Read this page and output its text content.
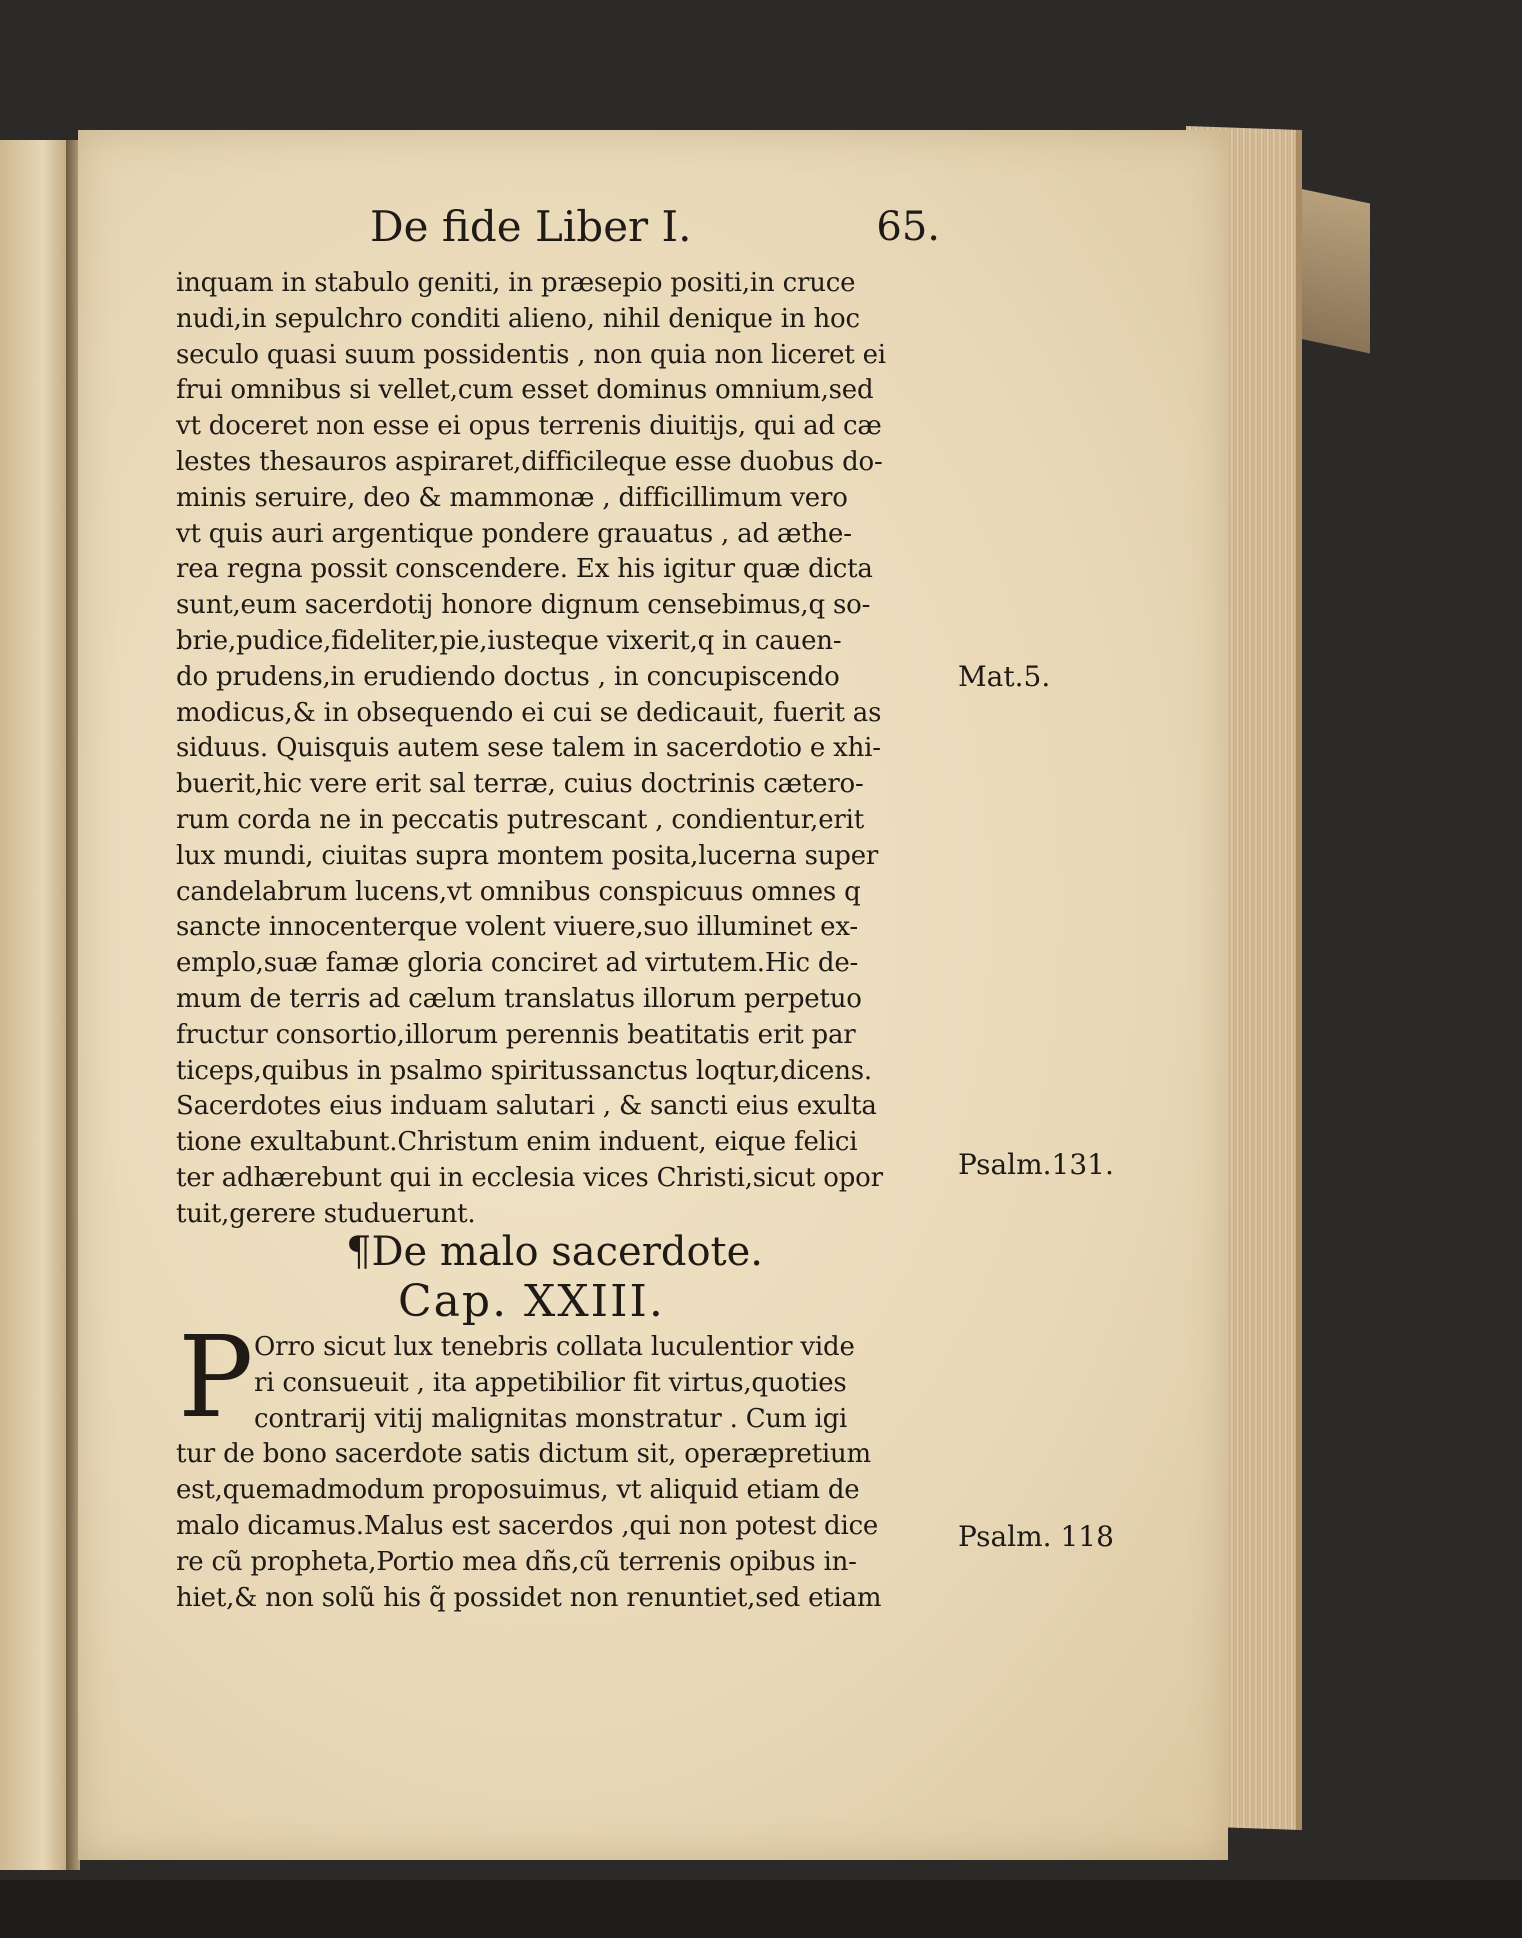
De fide Liber I.	65.
inquam in stabulo geniti, in præsepio positi,in cruce
nudi,in sepulchro conditi alieno, nihil denique in hoc
seculo quasi suum possidentis , non quia non liceret ei
frui omnibus si vellet,cum esset dominus omnium,sed
vt doceret non esse ei opus terrenis diuitijs, qui ad cæ
lestes thesauros aspiraret,difficileque esse duobus do-
minis seruire, deo & mammonæ , difficillimum vero
vt quis auri argentique pondere grauatus , ad æthe-
rea regna possit conscendere. Ex his igitur quæ dicta
sunt,eum sacerdotij honore dignum censebimus,q so-
brie,pudice,fideliter,pie,iusteque vixerit,q in cauen-
do prudens,in erudiendo doctus , in concupiscendo
modicus,& in obsequendo ei cui se dedicauit, fuerit as
siduus. Quisquis autem sese talem in sacerdotio e xhi-
buerit,hic vere erit sal terræ, cuius doctrinis cætero-
rum corda ne in peccatis putrescant , condientur,erit
lux mundi, ciuitas supra montem posita,lucerna super
candelabrum lucens,vt omnibus conspicuus omnes q
sancte innocenterque volent viuere,suo illuminet ex-
emplo,suæ famæ gloria conciret ad virtutem.Hic de-
mum de terris ad cælum translatus illorum perpetuo
fructur consortio,illorum perennis beatitatis erit par
ticeps,quibus in psalmo spiritussanctus loqtur,dicens.
Sacerdotes eius induam salutari , & sancti eius exulta
tione exultabunt.Christum enim induent, eique felici
ter adhærebunt qui in ecclesia vices Christi,sicut opor
tuit,gerere studuerunt.
¶De malo sacerdote.
Cap. XXIII.
P Orro sicut lux tenebris collata luculentior vide
ri consueuit , ita appetibilior fit virtus,quoties
contrarij vitij malignitas monstratur . Cum igi
tur de bono sacerdote satis dictum sit, operæpretium
est,quemadmodum proposuimus, vt aliquid etiam de
malo dicamus.Malus est sacerdos ,qui non potest dice
re cũ propheta,Portio mea dñs,cũ terrenis opibus in-
hiet,& non solũ his q̃ possidet non renuntiet,sed etiam
Mat.5.
Psalm.131.
Psalm. 118
